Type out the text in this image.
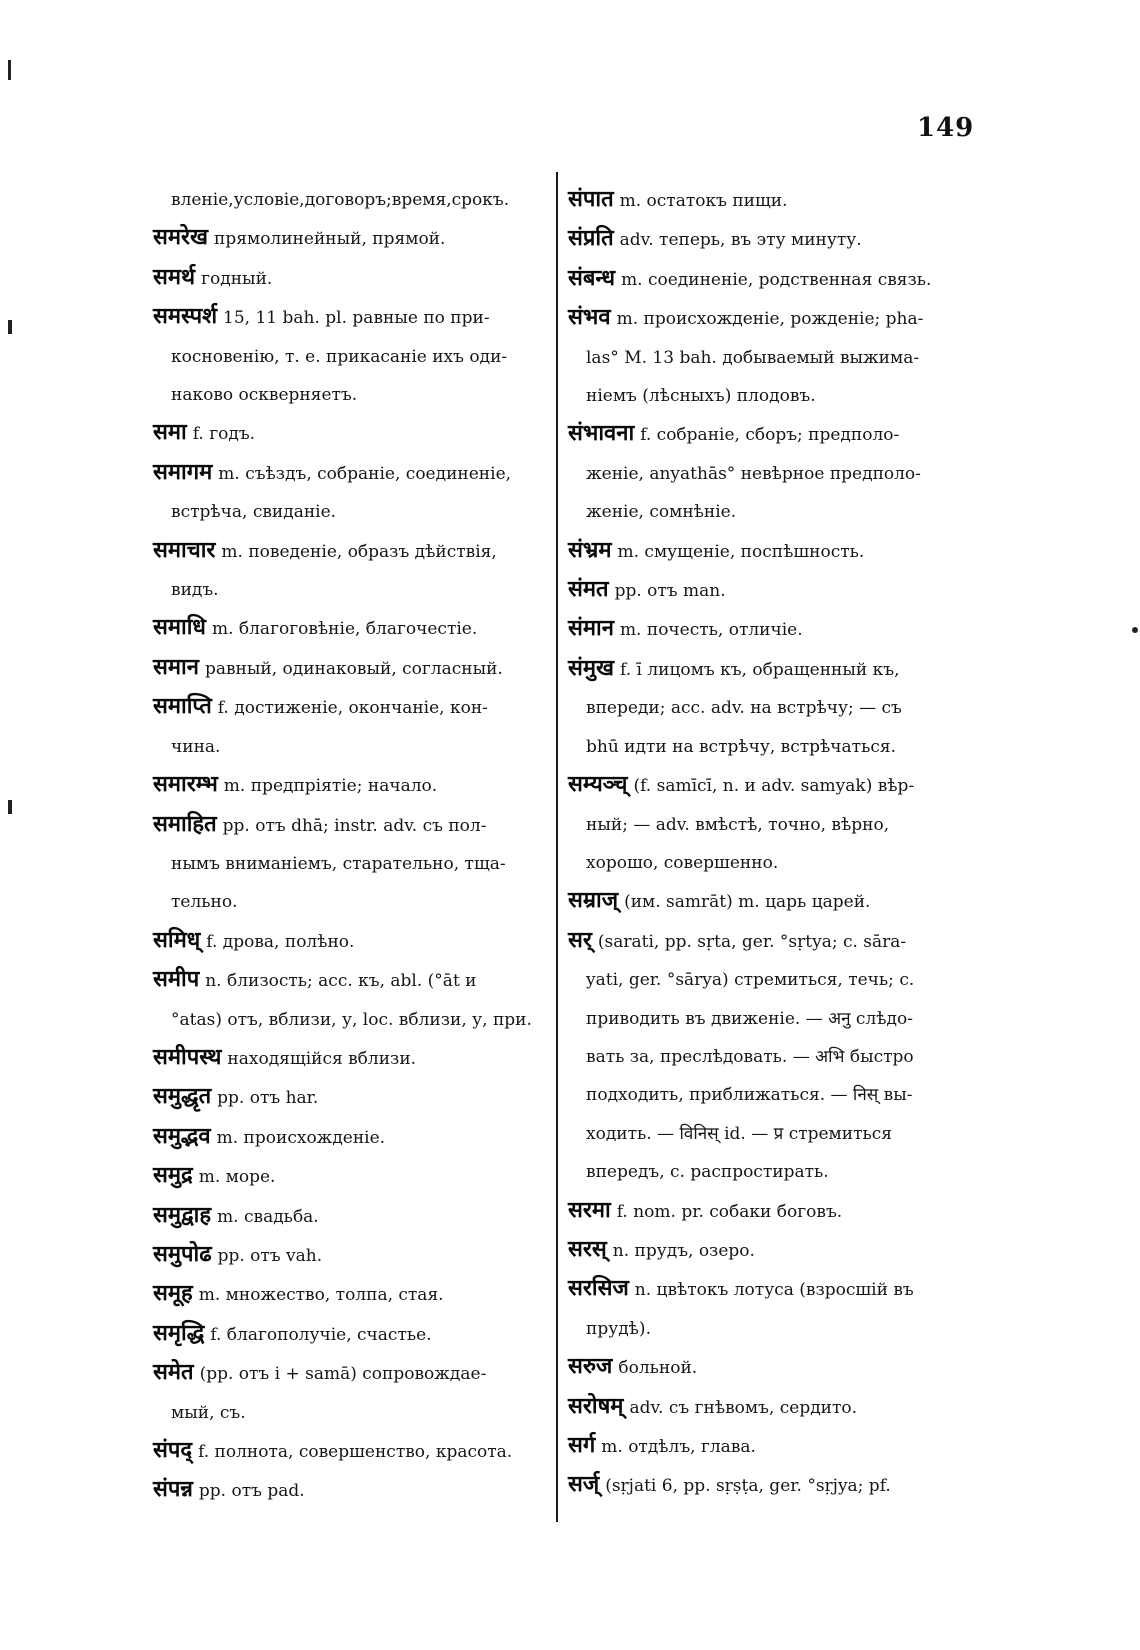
149
вленіе,условіе,договоръ;время,срокъ.
समरेख прямолинейный, прямой.
समर्थ годный.
समस्पर्श 15, 11 bah. pl. равные по при-
косновенію, т. е. прикасаніе ихъ оди-
наково оскверняетъ.
समा f. годъ.
समागम m. съѣздъ, собраніе, соединеніе,
встрѣча, свиданіе.
समाचार m. поведеніе, образъ дѣйствія,
видъ.
समाधि m. благоговѣніе, благочестіе.
समान равный, одинаковый, согласный.
समाप्ति f. достиженіе, окончаніе, кон-
чина.
समारम्भ m. предпріятіе; начало.
समाहित pp. отъ dhā; instr. adv. съ пол-
нымъ вниманіемъ, старательно, тща-
тельно.
समिध् f. дрова, полѣно.
समीप n. близость; acc. къ, abl. (°āt и
°atas) отъ, вблизи, у, loc. вблизи, у, при.
समीपस्थ находящійся вблизи.
समुद्धृत pp. отъ har.
समुद्भव m. происхожденіе.
समुद्र m. море.
समुद्वाह m. свадьба.
समुपोढ pp. отъ vah.
समूह m. множество, толпа, стая.
समृद्धि f. благополучіе, счастье.
समेत (pp. отъ i + samā) сопровождае-
мый, съ.
संपद् f. полнота, совершенство, красота.
संपन्न pp. отъ pad.
संपात m. остатокъ пищи.
संप्रति adv. теперь, въ эту минуту.
संबन्ध m. соединеніе, родственная связь.
संभव m. происхожденіе, рожденіе; pha-
las° M. 13 bah. добываемый выжима-
ніемъ (лѣсныхъ) плодовъ.
संभावना f. собраніе, сборъ; предполо-
женіе, anyathās° невѣрное предполо-
женіе, сомнѣніе.
संभ्रम m. смущеніе, поспѣшность.
संमत pp. отъ man.
संमान m. почесть, отличіе.
संमुख f. ī лицомъ къ, обращенный къ,
впереди; acc. adv. на встрѣчу; — съ
bhū идти на встрѣчу, встрѣчаться.
सम्यञ्च् (f. samīcī, n. и adv. samyak) вѣр-
ный; — adv. вмѣстѣ, точно, вѣрно,
хорошо, совершенно.
सम्राज् (им. samrāt) m. царь царей.
सर् (sarati, pp. sṛta, ger. °sṛtya; c. sāra-
yati, ger. °sārya) стремиться, течь; c.
приводить въ движеніе. — अनु слѣдо-
вать за, преслѣдовать. — अभि быстро
подходить, приближаться. — निस् вы-
ходить. — विनिस् id. — प्र стремиться
впередъ, c. распростирать.
सरमा f. nom. pr. собаки боговъ.
सरस् n. прудъ, озеро.
सरसिज n. цвѣтокъ лотуса (взросшій въ
прудѣ).
सरुज больной.
सरोषम् adv. съ гнѣвомъ, сердито.
सर्ग m. отдѣлъ, глава.
सर्ज् (sṛjati 6, pp. sṛṣṭa, ger. °sṛjya; pf.
